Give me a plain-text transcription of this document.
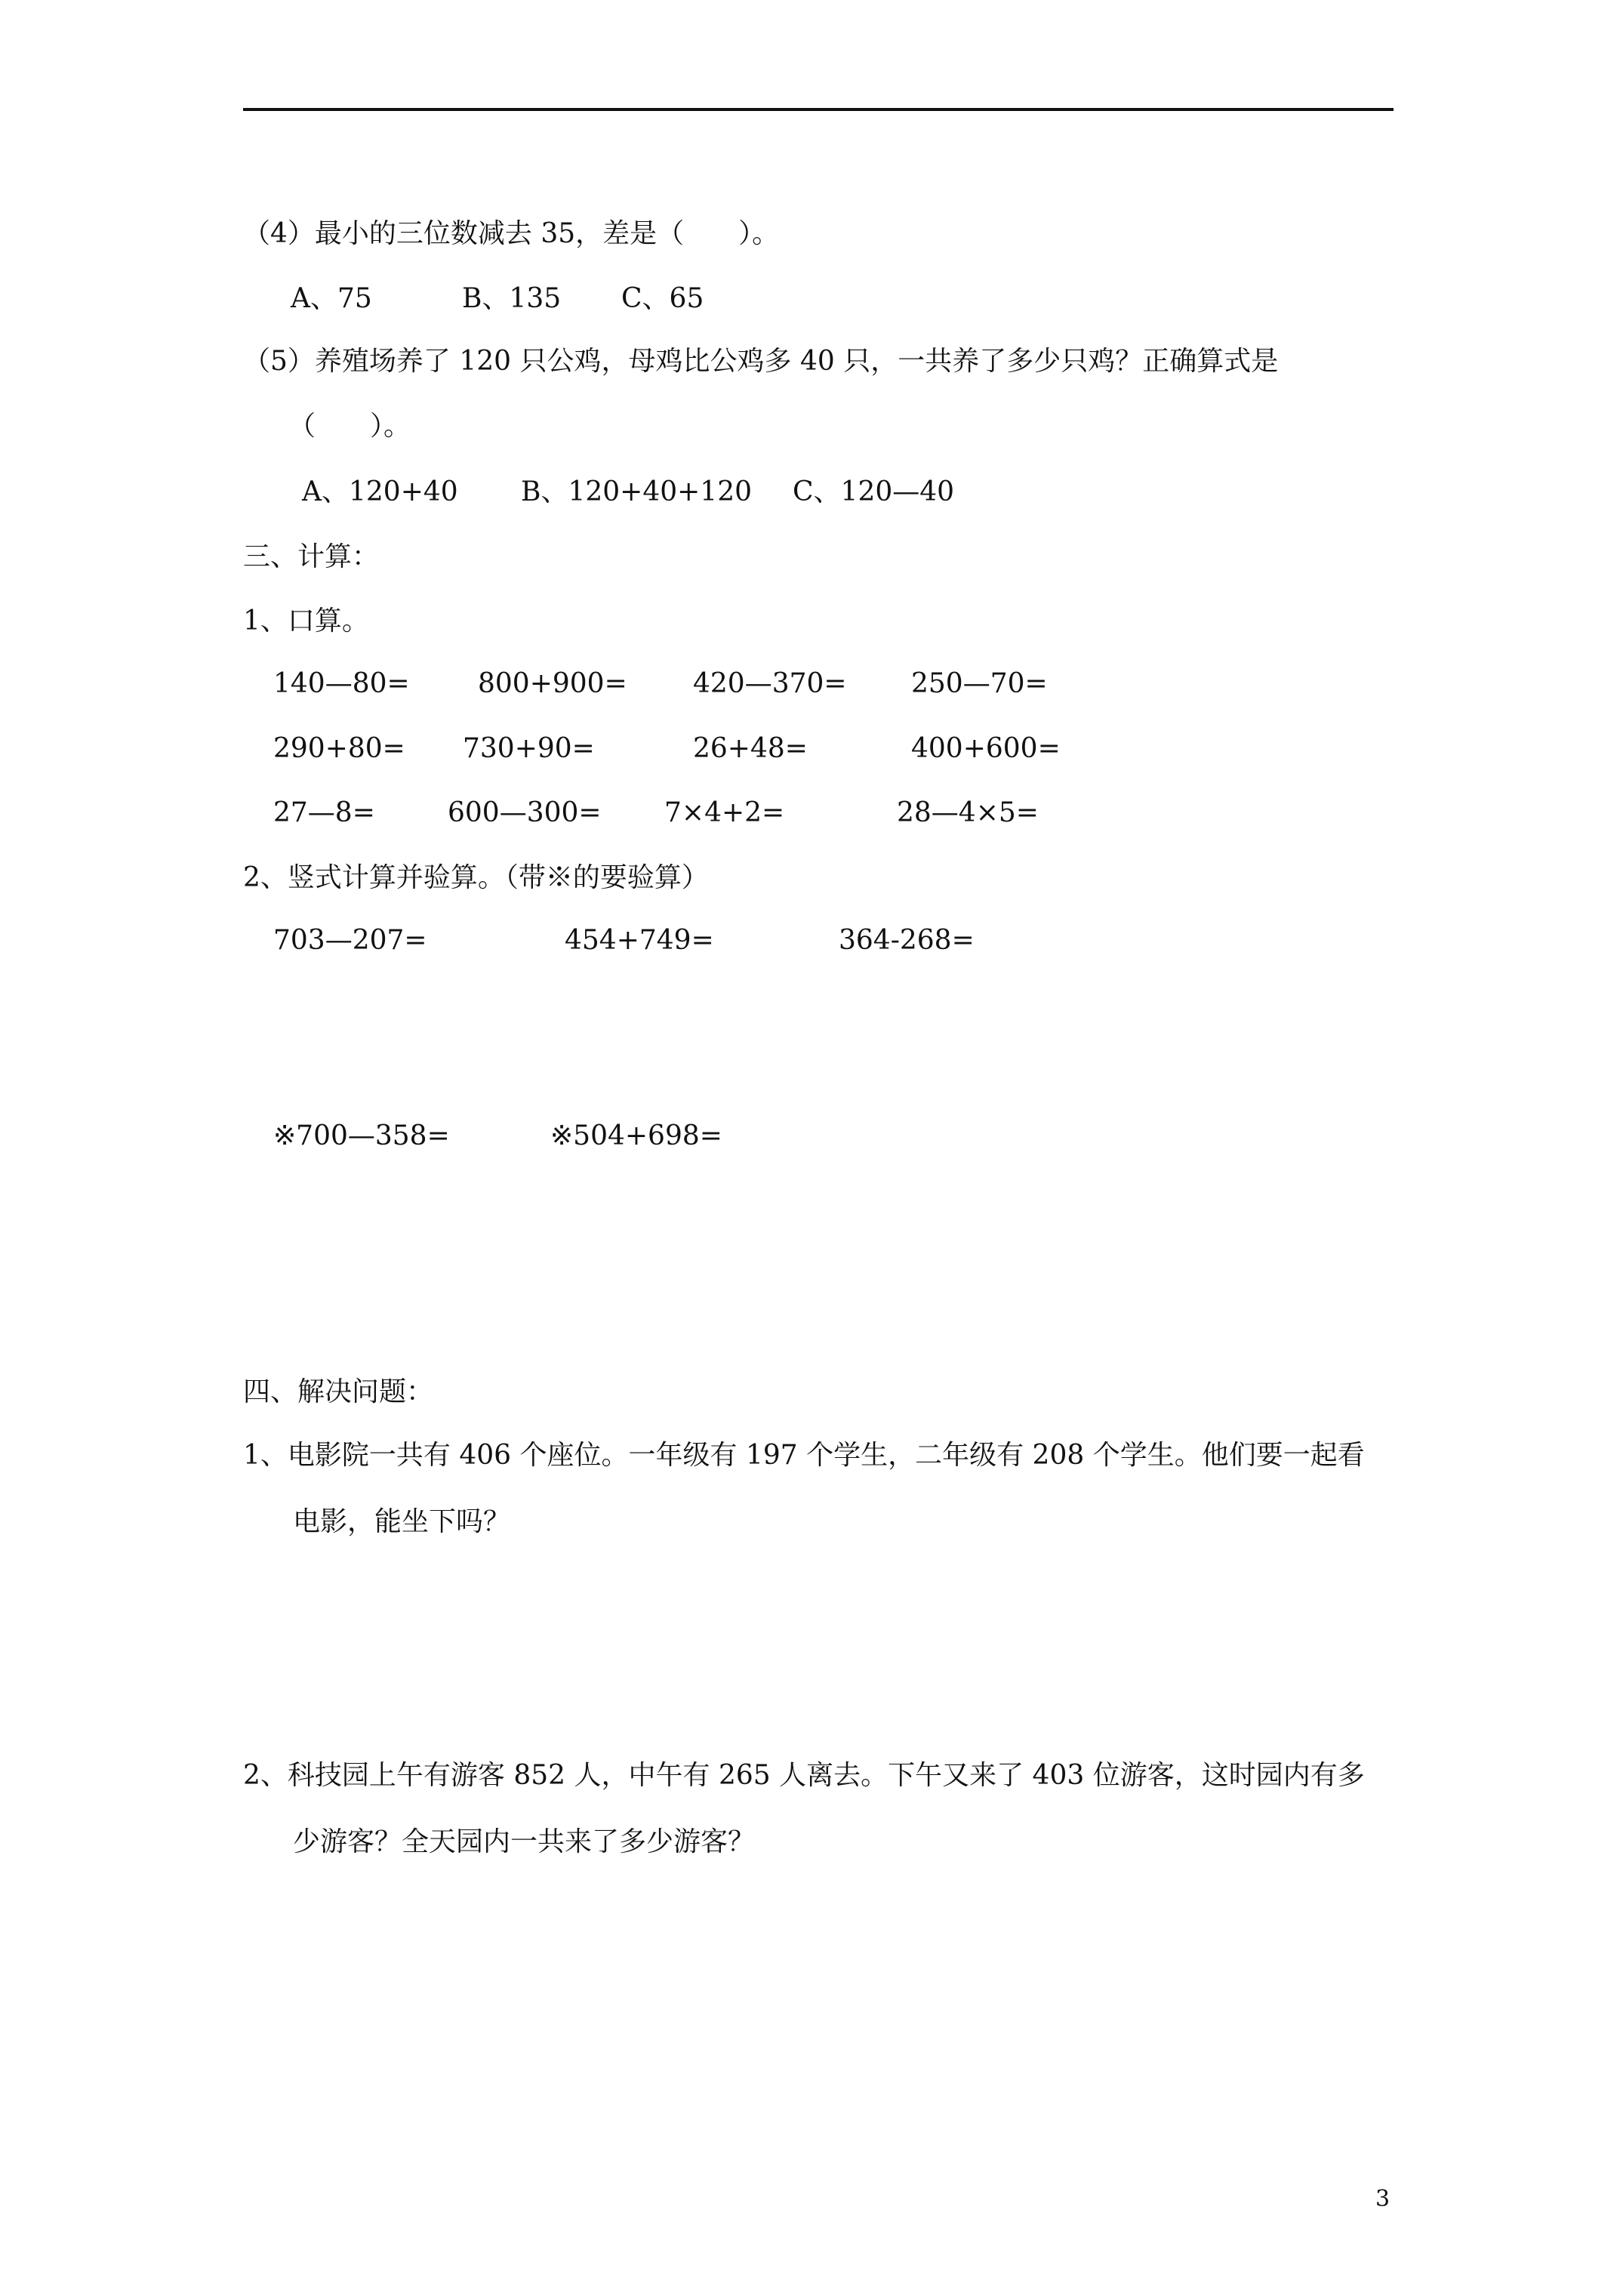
（4）最小的三位数减去 35，差是（　　）。
A、75	B、135 C、65
（5）养殖场养了 120 只公鸡，母鸡比公鸡多 40 只，一共养了多少只鸡？正确算式是
（　　）。
A、120+40 B、120+40+120 C、120—40
三、计算：
1、口算。
140—80=	800+900= 420—370= 250—70=
290+80= 730+90=	26+48=	400+600=
27—8=	600—300= 7×4+2=	28—4×5=
2、竖式计算并验算。（带※的要验算）
703—207=	454+749=	364-268=
※700—358=	※504+698=
四、解决问题：
1、电影院一共有 406 个座位。一年级有 197 个学生，二年级有 208 个学生。他们要一起看
电影，能坐下吗？
2、科技园上午有游客 852 人，中午有 265 人离去。下午又来了 403 位游客，这时园内有多
少游客？全天园内一共来了多少游客？
3
